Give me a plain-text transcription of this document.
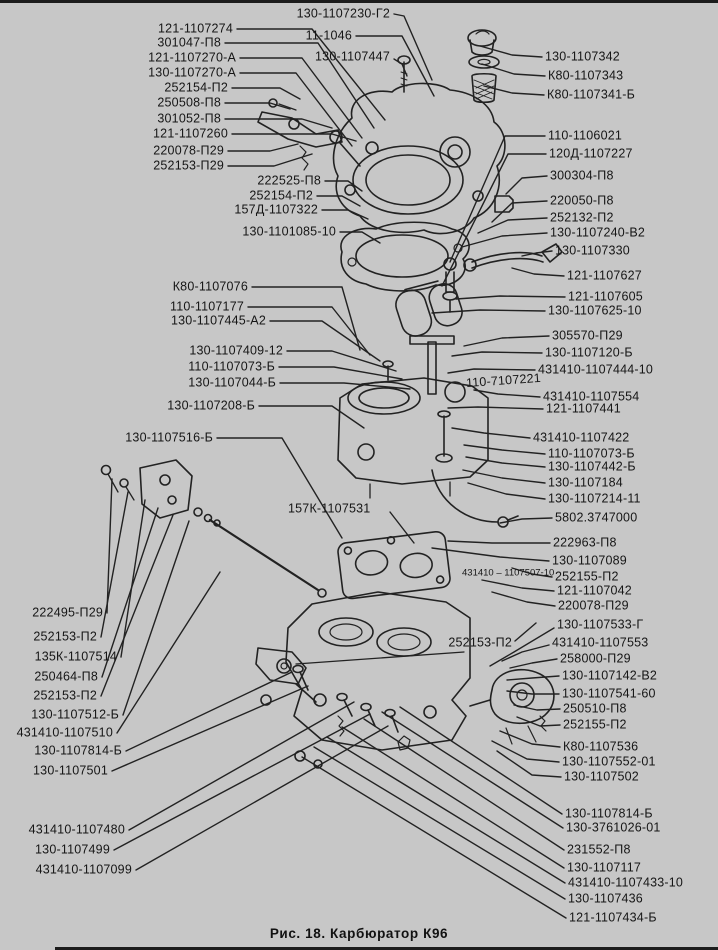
121-1107274
301047-П8
121-1107270-А
130-1107270-А
252154-П2
250508-П8
301052-П8
121-1107260
220078-П29
252153-П29
222525-П8
252154-П2
157Д-1107322
130-1101085-10
130-1107230-Г2
11-1046
130-1107447	130-1107342
К80-1107343
К80-1107341-Б
110-1106021
120Д-1107227
300304-П8
220050-П8
252132-П2
130-1107240-В2
130-1107330
121-1107627
121-1107605
130-1107625-10
305570-П29
130-1107120-Б
431410-1107444-10
431410-1107554
121-1107441
431410-1107422
110-1107073-Б
130-1107442-Б
130-1107184
130-1107214-11
5802.3747000
222963-П8
130-1107089
252155-П2
121-1107042
220078-П29
130-1107533-Г
252153-П2	431410-1107553
258000-П29
130-1107142-В2
130-1107541-60
250510-П8
252155-П2
К80-1107536
130-1107552-01
130-1107502
130-1107814-Б
130-3761026-01
231552-П8
130-1107117
431410-1107433-10
130-1107436
121-1107434-Б
К80-1107076
110-1107177
130-1107445-А2
130-1107409-12
110-1107073-Б
130-1107044-Б
130-1107208-Б
130-1107516-Б
157К-1107531
222495-П29
252153-П2
135К-1107514
250464-П8
252153-П2
130-1107512-Б
431410-1107510
130-1107814-Б
130-1107501
431410-1107480
130-1107499
431410-1107099
110-7107221
431410 – 1107507-10
Рис. 18. Карбюратор К96
